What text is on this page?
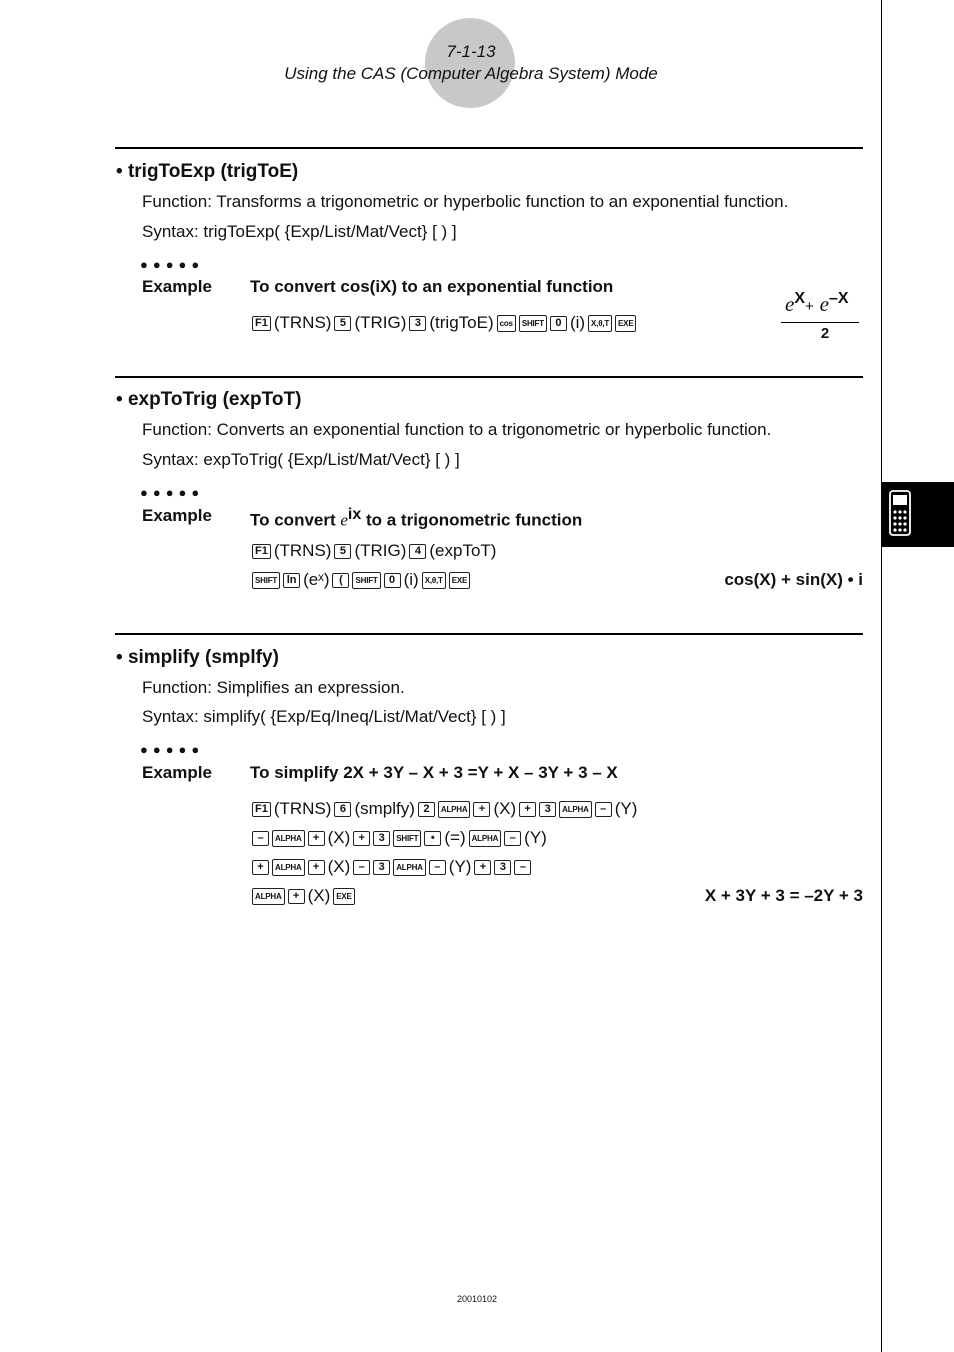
7-1-13
Using the CAS (Computer Algebra System) Mode
• trigToExp (trigToE)
Function: Transforms a trigonometric or hyperbolic function to an exponential function.
Syntax: trigToExp( {Exp/List/Mat/Vect} [ ) ]
●●●●●
Example To convert cos(iX) to an exponential function
F1 (TRNS) 5 (TRIG) 3 (trigToE) cos	SHIFT	0 (i) X,θ,T	EXE
$e^X+ e^{-X}$
2
• expToTrig (expToT)
Function: Converts an exponential function to a trigonometric or hyperbolic function.
Syntax: expToTrig( {Exp/List/Mat/Vect} [ ) ]
●●●●●
Example To convert $e^{ix}$ to a trigonometric function
F1 (TRNS) 5 (TRIG) 4 (expToT)
SHIFT ln (eˣ) (	SHIFT	0 (i) X,θ,T	EXE	cos(X) + sin(X) • i
• simplify (smplfy)
Function: Simplifies an expression.
Syntax: simplify( {Exp/Eq/Ineq/List/Mat/Vect} [ ) ]
●●●●●
Example To simplify 2X + 3Y – X + 3 =Y + X – 3Y + 3 – X
F1 (TRNS) 6 (smplfy) 2	ALPHA	+ (X) +	3	ALPHA	– (Y)
–	ALPHA	+ (X) +	3	SHIFT	• (=) ALPHA	– (Y)
+	ALPHA	+ (X) –	3	ALPHA	– (Y) +	3	–
ALPHA	+ (X) EXE	X + 3Y + 3 = –2Y + 3
20010102
